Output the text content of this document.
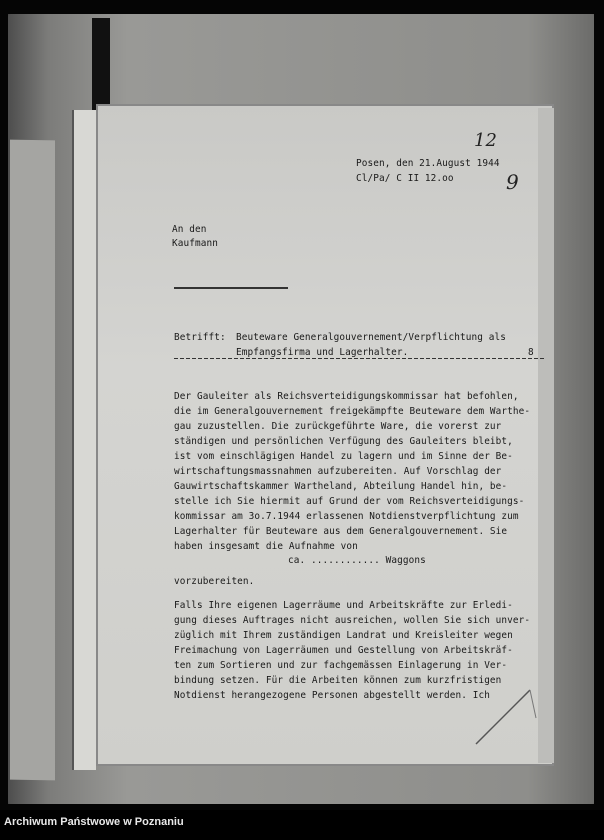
Posen, den 21.August 1944
Cl/Pa/ C II 12.oo
12
9
An den
Kaufmann
Betrifft: Beuteware Generalgouvernement/Verpflichtung als
Empfangsfirma und Lagerhalter.	8
Der Gauleiter als Reichsverteidigungskommissar hat befohlen,
die im Generalgouvernement freigekämpfte Beuteware dem Warthe-
gau zuzustellen. Die zurückgeführte Ware, die vorerst zur
ständigen und persönlichen Verfügung des Gauleiters bleibt,
ist vom einschlägigen Handel zu lagern und im Sinne der Be-
wirtschaftungsmassnahmen aufzubereiten. Auf Vorschlag der
Gauwirtschaftskammer Wartheland, Abteilung Handel hin, be-
stelle ich Sie hiermit auf Grund der vom Reichsverteidigungs-
kommissar am 3o.7.1944 erlassenen Notdienstverpflichtung zum
Lagerhalter für Beuteware aus dem Generalgouvernement. Sie
haben insgesamt die Aufnahme von
ca. ............ Waggons
vorzubereiten.
Falls Ihre eigenen Lagerräume und Arbeitskräfte zur Erledi-
gung dieses Auftrages nicht ausreichen, wollen Sie sich unver-
züglich mit Ihrem zuständigen Landrat und Kreisleiter wegen
Freimachung von Lagerräumen und Gestellung von Arbeitskräf-
ten zum Sortieren und zur fachgemässen Einlagerung in Ver-
bindung setzen. Für die Arbeiten können zum kurzfristigen
Notdienst herangezogene Personen abgestellt werden. Ich
Archiwum Państwowe w Poznaniu
